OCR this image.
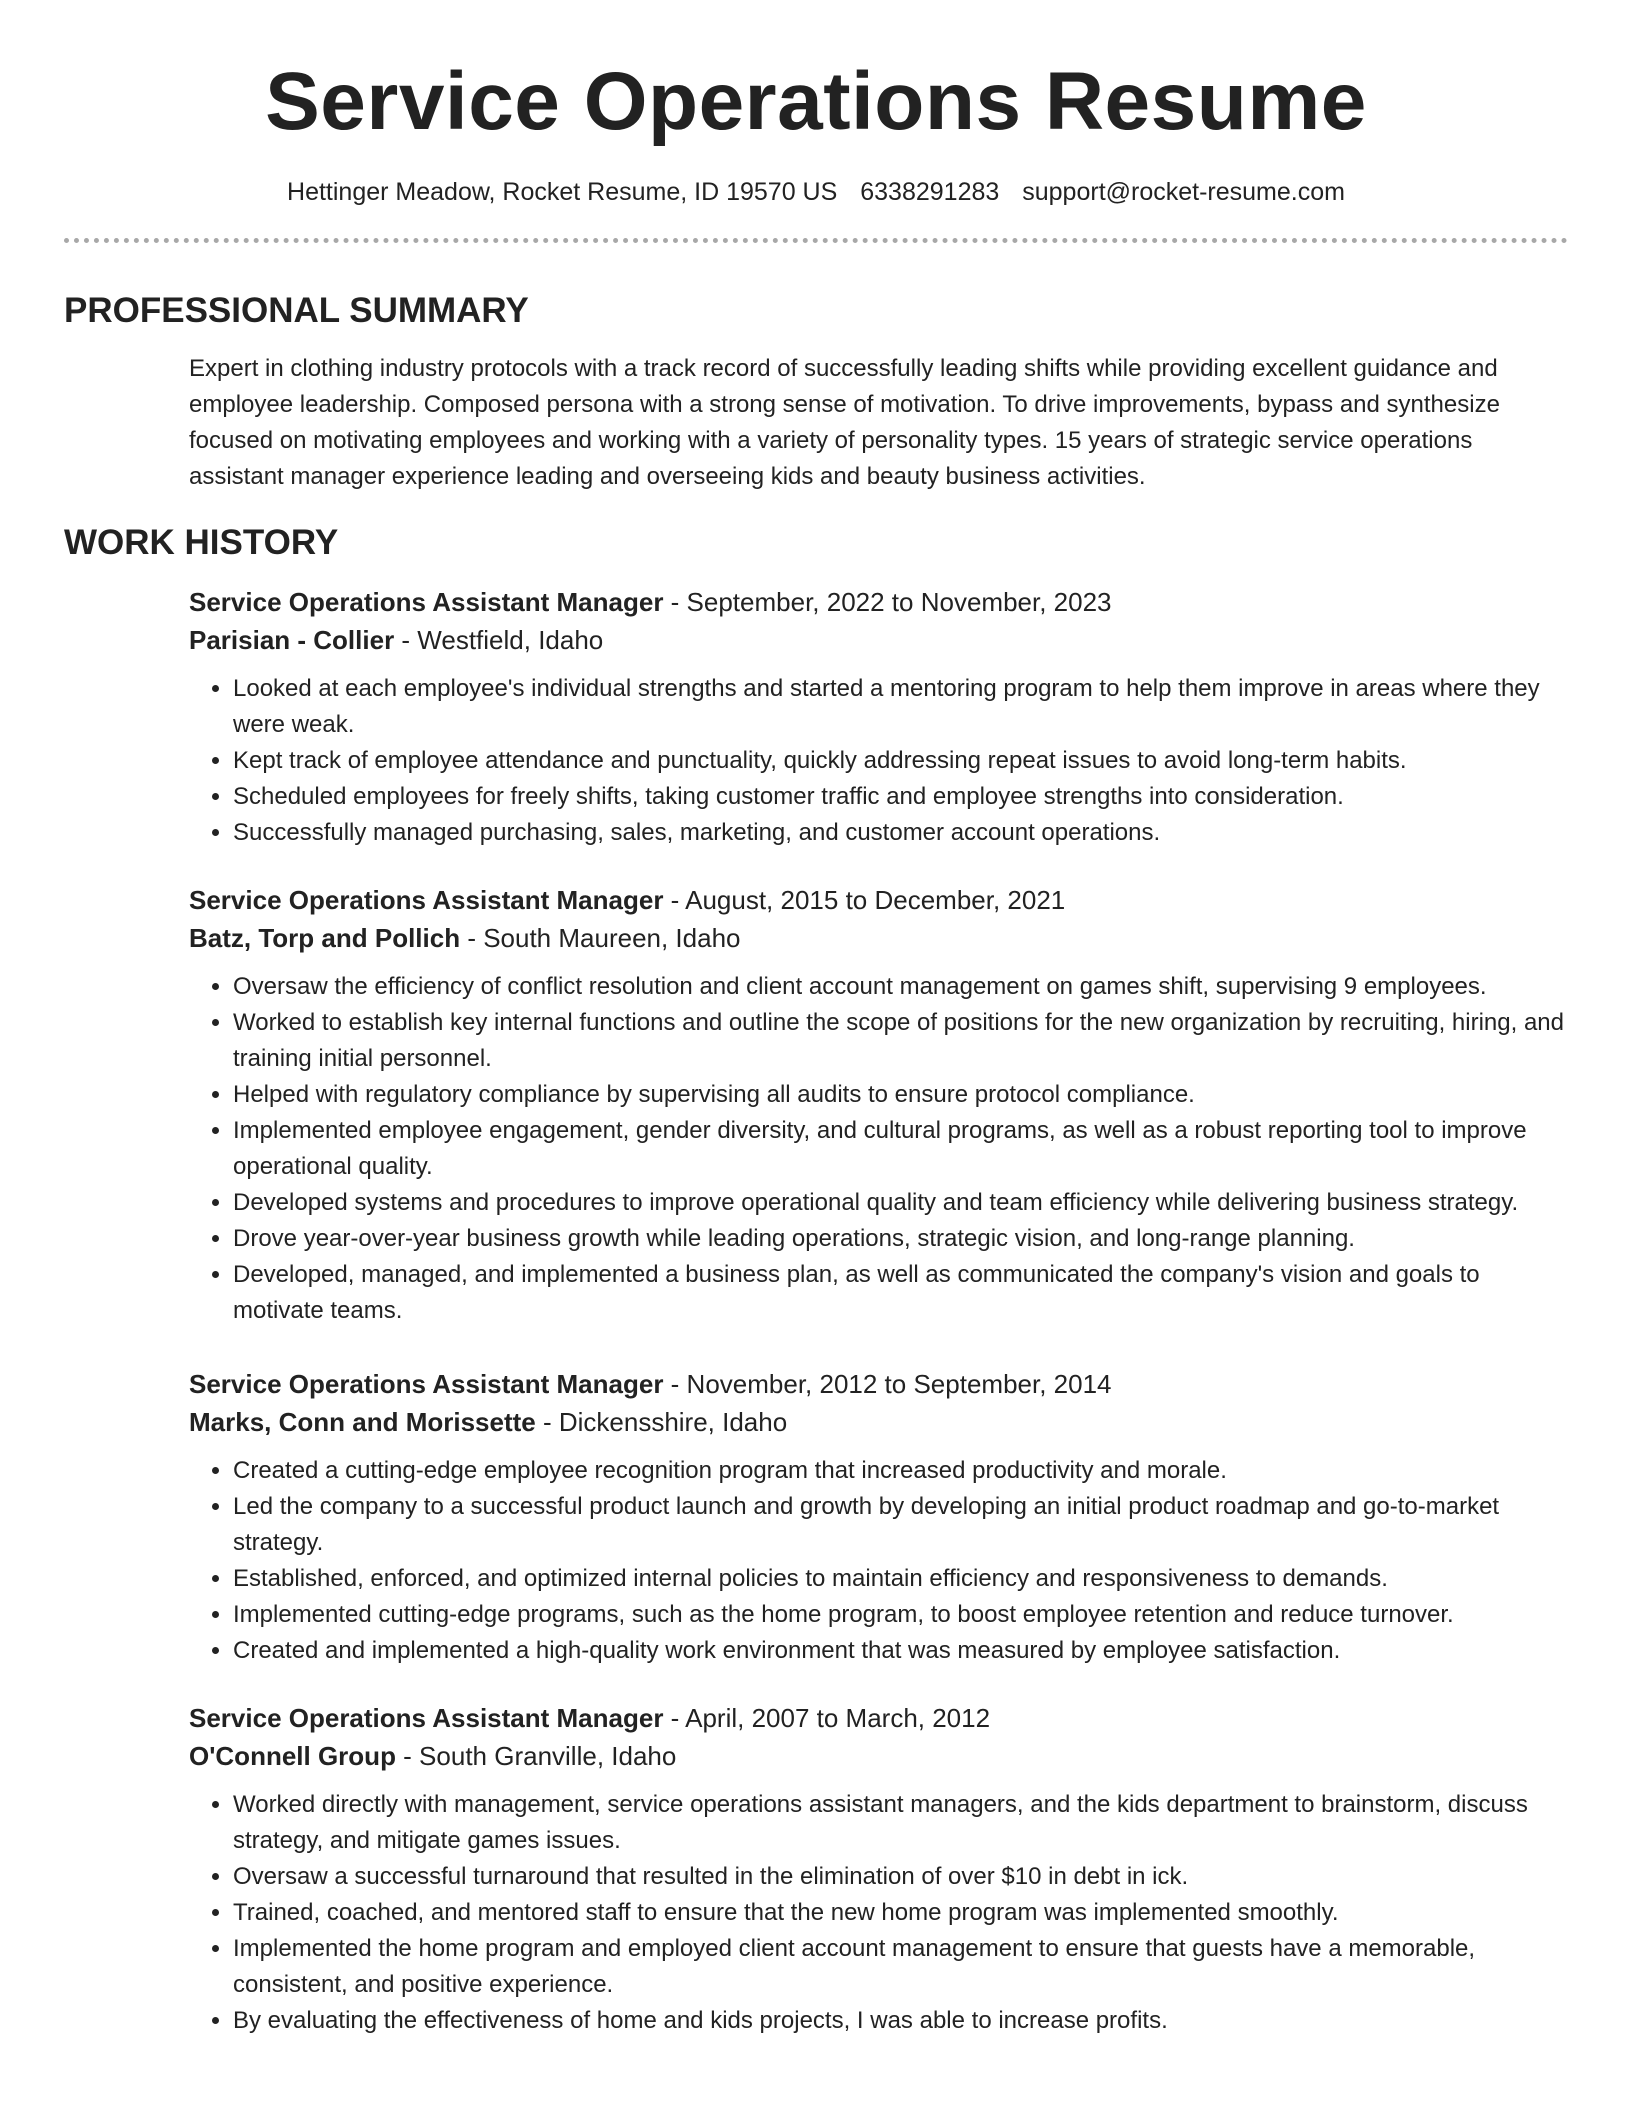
Service Operations Resume
Hettinger Meadow, Rocket Resume, ID 19570 US 6338291283 support@rocket-resume.com
PROFESSIONAL SUMMARY

Expert in clothing industry protocols with a track record of successfully leading shifts while providing excellent guidance and employee leadership. Composed persona with a strong sense of motivation. To drive improvements, bypass and synthesize focused on motivating employees and working with a variety of personality types. 15 years of strategic service operations assistant manager experience leading and overseeing kids and beauty business activities.

WORK HISTORY
Service Operations Assistant Manager - September, 2022 to November, 2023
Parisian - Collier - Westfield, Idaho
• Looked at each employee's individual strengths and started a mentoring program to help them improve in areas where they were weak.
• Kept track of employee attendance and punctuality, quickly addressing repeat issues to avoid long-term habits.
• Scheduled employees for freely shifts, taking customer traffic and employee strengths into consideration.
• Successfully managed purchasing, sales, marketing, and customer account operations.
Service Operations Assistant Manager - August, 2015 to December, 2021
Batz, Torp and Pollich - South Maureen, Idaho
• Oversaw the efficiency of conflict resolution and client account management on games shift, supervising 9 employees.
• Worked to establish key internal functions and outline the scope of positions for the new organization by recruiting, hiring, and training initial personnel.
• Helped with regulatory compliance by supervising all audits to ensure protocol compliance.
• Implemented employee engagement, gender diversity, and cultural programs, as well as a robust reporting tool to improve operational quality.
• Developed systems and procedures to improve operational quality and team efficiency while delivering business strategy.
• Drove year-over-year business growth while leading operations, strategic vision, and long-range planning.
• Developed, managed, and implemented a business plan, as well as communicated the company's vision and goals to motivate teams.
Service Operations Assistant Manager - November, 2012 to September, 2014
Marks, Conn and Morissette - Dickensshire, Idaho
• Created a cutting-edge employee recognition program that increased productivity and morale.
• Led the company to a successful product launch and growth by developing an initial product roadmap and go-to-market strategy.
• Established, enforced, and optimized internal policies to maintain efficiency and responsiveness to demands.
• Implemented cutting-edge programs, such as the home program, to boost employee retention and reduce turnover.
• Created and implemented a high-quality work environment that was measured by employee satisfaction.
Service Operations Assistant Manager - April, 2007 to March, 2012
O'Connell Group - South Granville, Idaho
• Worked directly with management, service operations assistant managers, and the kids department to brainstorm, discuss strategy, and mitigate games issues.
• Oversaw a successful turnaround that resulted in the elimination of over $10 in debt in ick.
• Trained, coached, and mentored staff to ensure that the new home program was implemented smoothly.
• Implemented the home program and employed client account management to ensure that guests have a memorable, consistent, and positive experience.
• By evaluating the effectiveness of home and kids projects, I was able to increase profits.
